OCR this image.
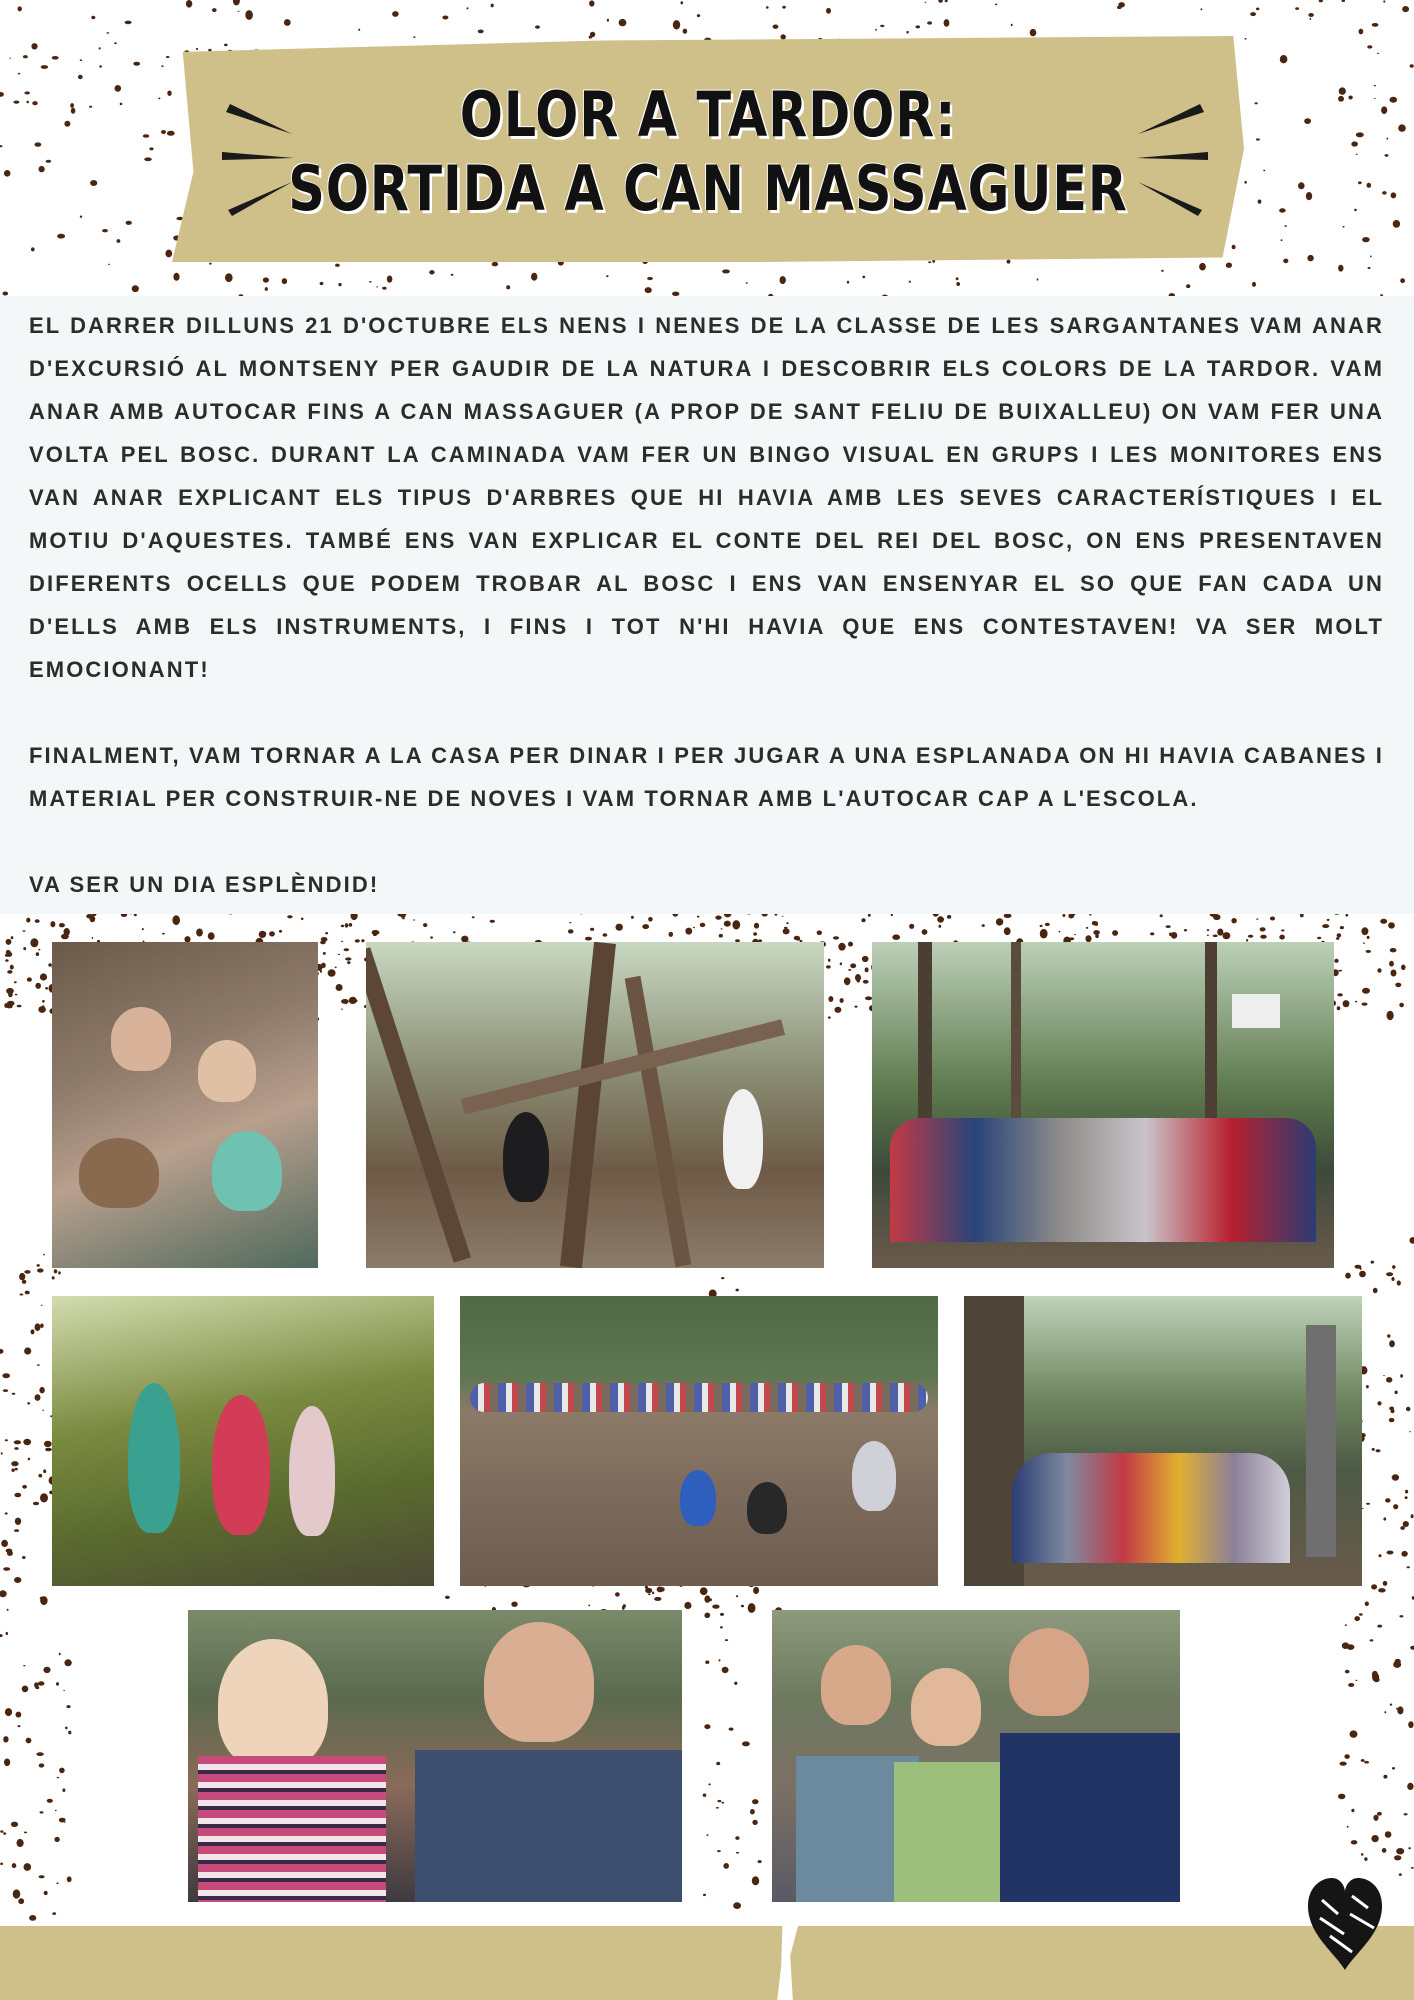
OLOR A TARDOR:
SORTIDA A CAN MASSAGUER

EL DARRER DILLUNS 21 D'OCTUBRE ELS NENS I NENES DE LA CLASSE DE LES SARGANTANES VAM ANAR D'EXCURSIÓ AL MONTSENY PER GAUDIR DE LA NATURA I DESCOBRIR ELS COLORS DE LA TARDOR. VAM ANAR AMB AUTOCAR FINS A CAN MASSAGUER (A PROP DE SANT FELIU DE BUIXALLEU) ON VAM FER UNA VOLTA PEL BOSC. DURANT LA CAMINADA VAM FER UN BINGO VISUAL EN GRUPS I LES MONITORES ENS VAN ANAR EXPLICANT ELS TIPUS D'ARBRES QUE HI HAVIA AMB LES SEVES CARACTERÍSTIQUES I EL MOTIU D'AQUESTES. TAMBÉ ENS VAN EXPLICAR EL CONTE DEL REI DEL BOSC, ON ENS PRESENTAVEN DIFERENTS OCELLS QUE PODEM TROBAR AL BOSC I ENS VAN ENSENYAR EL SO QUE FAN CADA UN D'ELLS AMB ELS INSTRUMENTS, I FINS I TOT N'HI HAVIA QUE ENS CONTESTAVEN! VA SER MOLT EMOCIONANT!

FINALMENT, VAM TORNAR A LA CASA PER DINAR I PER JUGAR A UNA ESPLANADA ON HI HAVIA CABANES I MATERIAL PER CONSTRUIR-NE DE NOVES I VAM TORNAR AMB L'AUTOCAR CAP A L'ESCOLA.

VA SER UN DIA ESPLÈNDID!
